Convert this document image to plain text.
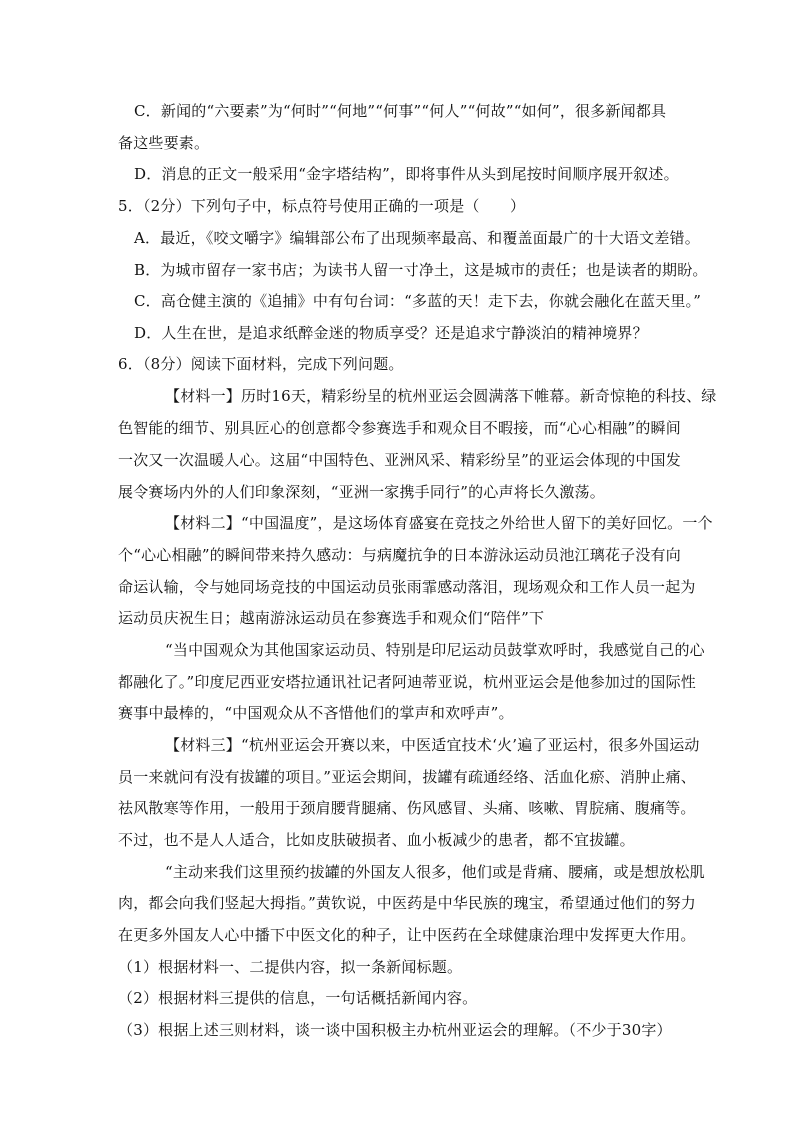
C．新闻的“六要素”为“何时”“何地”“何事”“何人”“何故”“如何”，很多新闻都具
备这些要素。
D．消息的正文一般采用“金字塔结构”，即将事件从头到尾按时间顺序展开叙述。
5．（2分）下列句子中，标点符号使用正确的一项是（　　）
A．最近，《咬文嚼字》编辑部公布了出现频率最高、和覆盖面最广的十大语文差错。
B．为城市留存一家书店；为读书人留一寸净土，这是城市的责任；也是读者的期盼。
C．高仓健主演的《追捕》中有句台词：“多蓝的天！走下去，你就会融化在蓝天里。”
D．人生在世，是追求纸醉金迷的物质享受？还是追求宁静淡泊的精神境界？
6．（8分）阅读下面材料，完成下列问题。
【材料一】历时16天，精彩纷呈的杭州亚运会圆满落下帷幕。新奇惊艳的科技、绿
色智能的细节、别具匠心的创意都令参赛选手和观众目不暇接，而“心心相融”的瞬间
一次又一次温暖人心。这届“中国特色、亚洲风采、精彩纷呈”的亚运会体现的中国发
展令赛场内外的人们印象深刻，“亚洲一家携手同行”的心声将长久激荡。
【材料二】“中国温度”，是这场体育盛宴在竞技之外给世人留下的美好回忆。一个
个“心心相融”的瞬间带来持久感动：与病魔抗争的日本游泳运动员池江璃花子没有向
命运认输，令与她同场竞技的中国运动员张雨霏感动落泪，现场观众和工作人员一起为
运动员庆祝生日；越南游泳运动员在参赛选手和观众们“陪伴”下
“当中国观众为其他国家运动员、特别是印尼运动员鼓掌欢呼时，我感觉自己的心
都融化了。”印度尼西亚安塔拉通讯社记者阿迪蒂亚说，杭州亚运会是他参加过的国际性
赛事中最棒的，“中国观众从不吝惜他们的掌声和欢呼声”。
【材料三】“杭州亚运会开赛以来，中医适宜技术‘火’遍了亚运村，很多外国运动
员一来就问有没有拔罐的项目。”亚运会期间，拔罐有疏通经络、活血化瘀、消肿止痛、
祛风散寒等作用，一般用于颈肩腰背腿痛、伤风感冒、头痛、咳嗽、胃脘痛、腹痛等。
不过，也不是人人适合，比如皮肤破损者、血小板减少的患者，都不宜拔罐。
“主动来我们这里预约拔罐的外国友人很多，他们或是背痛、腰痛，或是想放松肌
肉，都会向我们竖起大拇指。”黄钦说，中医药是中华民族的瑰宝，希望通过他们的努力
在更多外国友人心中播下中医文化的种子，让中医药在全球健康治理中发挥更大作用。
（1）根据材料一、二提供内容，拟一条新闻标题。
（2）根据材料三提供的信息，一句话概括新闻内容。
（3）根据上述三则材料，谈一谈中国积极主办杭州亚运会的理解。（不少于30字）
